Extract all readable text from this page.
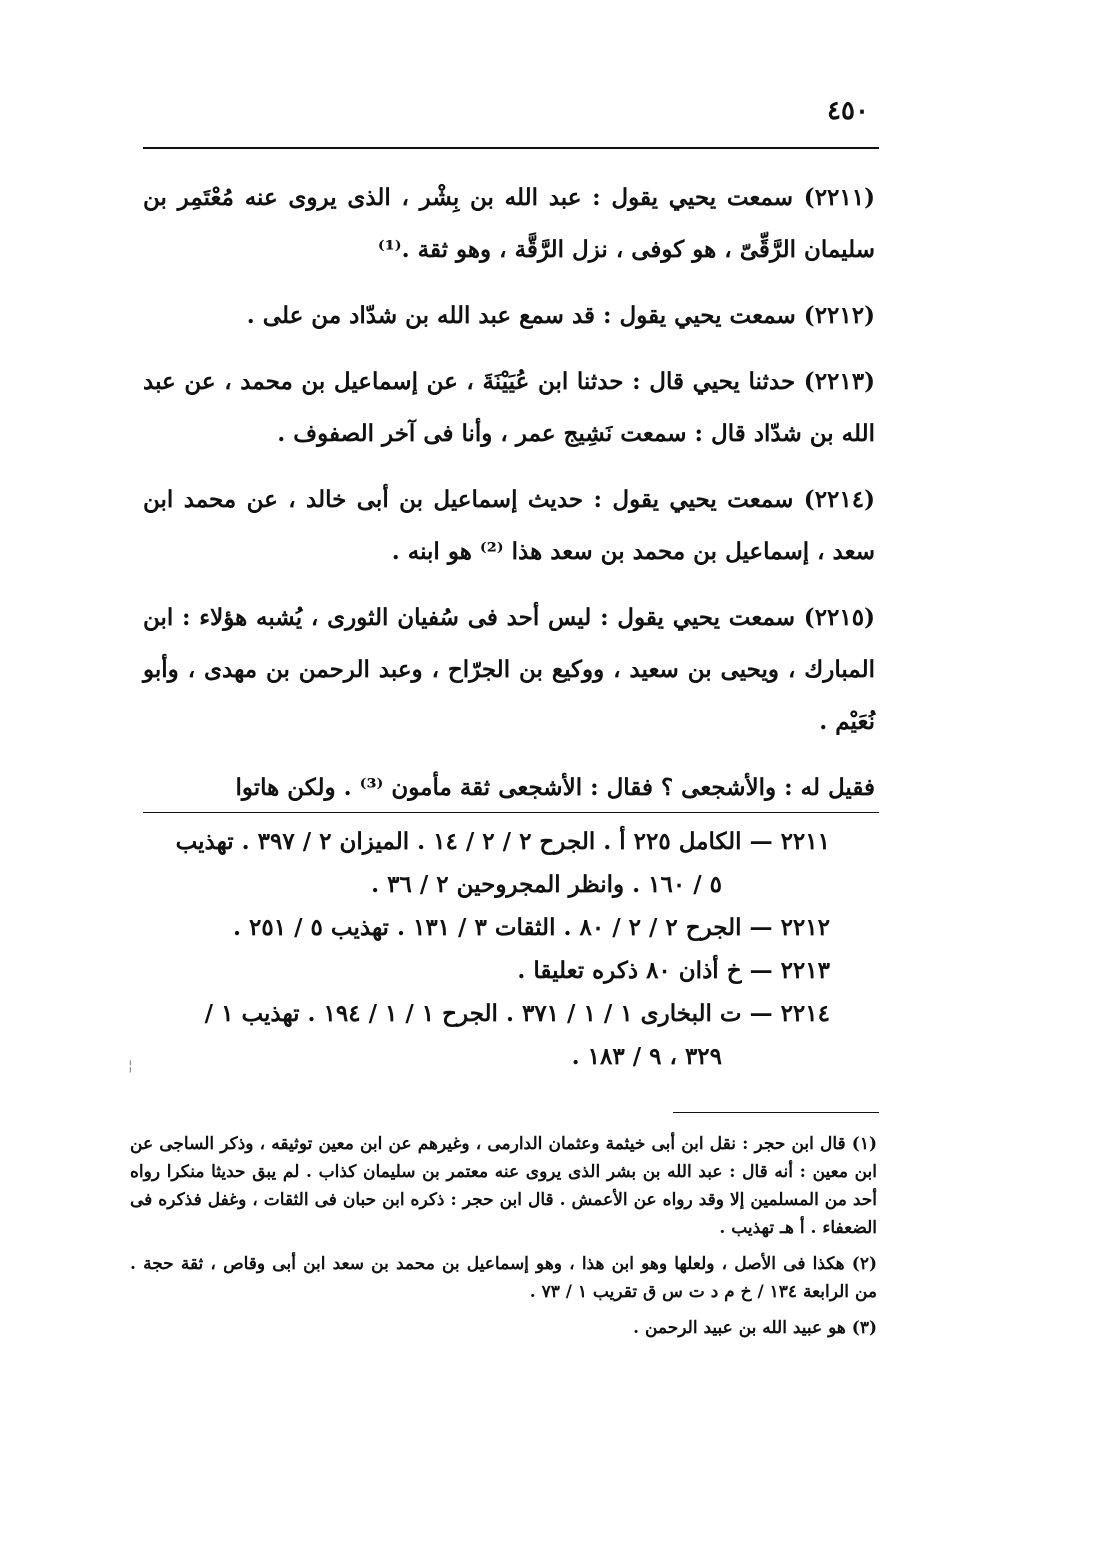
٤٥٠

(٢٢١١) سمعت يحيي يقول : عبد الله بن بِشْر ، الذى يروى عنه مُعْتَمِر بن سليمان الرَّقِّىّ ، هو كوفى ، نزل الرَّقَّة ، وهو ثقة .⁽¹⁾

(٢٢١٢) سمعت يحيي يقول : قد سمع عبد الله بن شدّاد من على .

(٢٢١٣) حدثنا يحيي قال : حدثنا ابن عُيَيْنَةَ ، عن إسماعيل بن محمد ، عن عبد الله بن شدّاد قال : سمعت نَشِيج عمر ، وأنا فى آخر الصفوف .

(٢٢١٤) سمعت يحيي يقول : حديث إسماعيل بن أبى خالد ، عن محمد ابن سعد ، إسماعيل بن محمد بن سعد هذا ⁽²⁾ هو ابنه .

(٢٢١٥) سمعت يحيي يقول : ليس أحد فى سُفيان الثورى ، يُشبه هؤلاء : ابن المبارك ، ويحيى بن سعيد ، ووكيع بن الجرّاح ، وعبد الرحمن بن مهدى ، وأبو نُعَيْم .

فقيل له : والأشجعى ؟ فقال : الأشجعى ثقة مأمون ⁽³⁾ . ولكن هاتوا

٢٢١١ — الكامل ٢٢٥ أ . الجرح ٢ / ٢ / ١٤ . الميزان ٢ / ٣٩٧ . تهذيب
٥ / ١٦٠ . وانظر المجروحين ٢ / ٣٦ .
٢٢١٢ — الجرح ٢ / ٢ / ٨٠ . الثقات ٣ / ١٣١ . تهذيب ٥ / ٢٥١ .
٢٢١٣ — خ أذان ٨٠ ذكره تعليقا .
٢٢١٤ — ت البخارى ١ / ١ / ٣٧١ . الجرح ١ / ١ / ١٩٤ . تهذيب ١ /
٣٢٩ ، ٩ / ١٨٣ .
¦

(١) قال ابن حجر : نقل ابن أبى خيثمة وعثمان الدارمى ، وغيرهم عن ابن معين توثيقه ، وذكر الساجى عن ابن معين : أنه قال : عبد الله بن بشر الذى يروى عنه معتمر بن سليمان كذاب . لم يبق حديثا منكرا رواه أحد من المسلمين إلا وقد رواه عن الأعمش . قال ابن حجر : ذكره ابن حبان فى الثقات ، وغفل فذكره فى الضعفاء . أ هـ تهذيب .

(٢) هكذا فى الأصل ، ولعلها وهو ابن هذا ، وهو إسماعيل بن محمد بن سعد ابن أبى وقاص ، ثقة حجة . من الرابعة ١٣٤ / خ م د ت س ق تقريب ١ / ٧٣ .

(٣) هو عبيد الله بن عبيد الرحمن .
